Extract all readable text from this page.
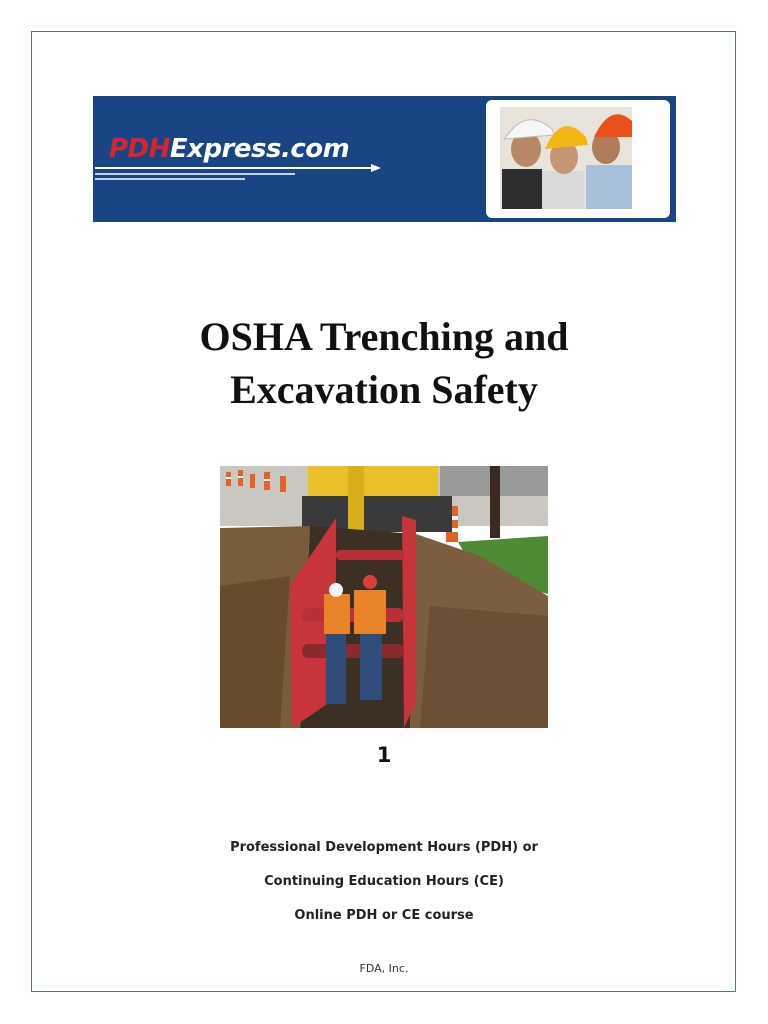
PDHExpress.com
OSHA Trenching and
Excavation Safety
1
Professional Development Hours (PDH) or
Continuing Education Hours (CE)
Online PDH or CE course
FDA, Inc.
